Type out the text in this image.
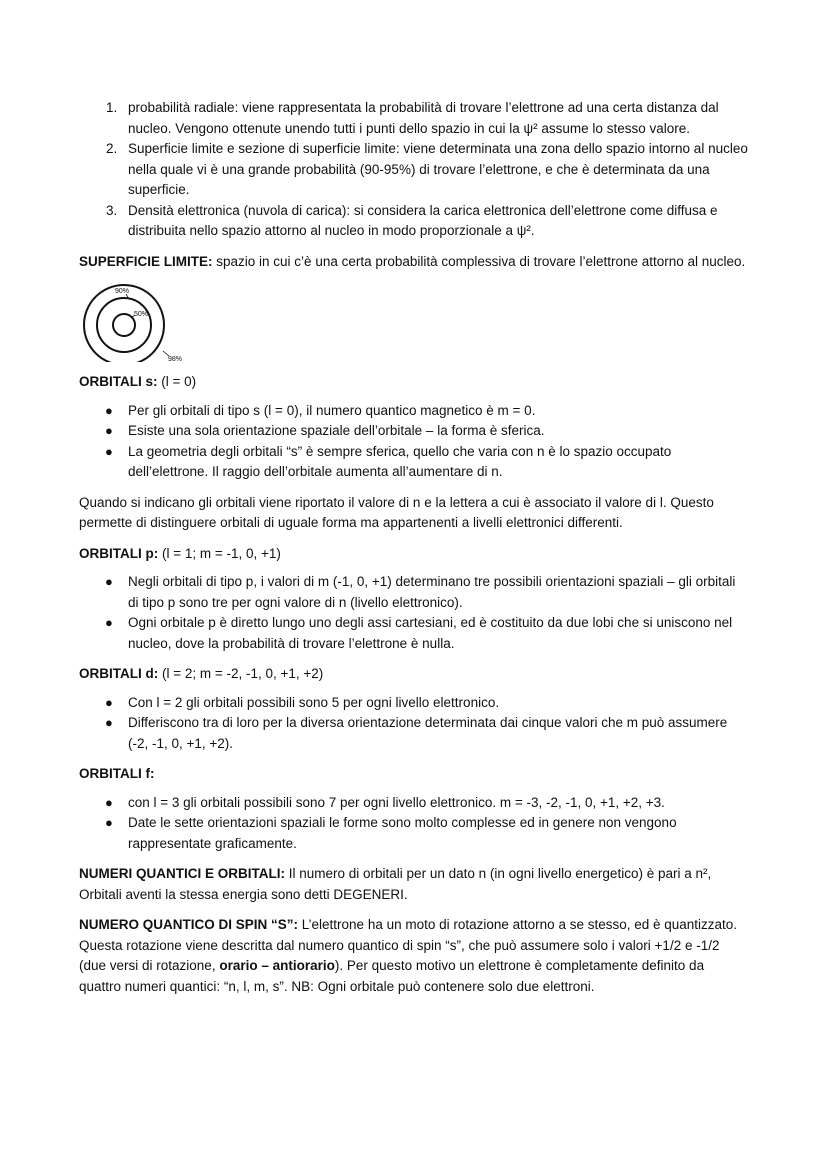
1. probabilità radiale: viene rappresentata la probabilità di trovare l’elettrone ad una certa distanza dal nucleo. Vengono ottenute unendo tutti i punti dello spazio in cui la ψ² assume lo stesso valore.
2. Superficie limite e sezione di superficie limite: viene determinata una zona dello spazio intorno al nucleo nella quale vi è una grande probabilità (90-95%) di trovare l’elettrone, e che è determinata da una superficie.
3. Densità elettronica (nuvola di carica): si considera la carica elettronica dell’elettrone come diffusa e distribuita nello spazio attorno al nucleo in modo proporzionale a ψ².

SUPERFICIE LIMITE: spazio in cui c’è una certa probabilità complessiva di trovare l’elettrone attorno al nucleo.

90%
50%
98%

ORBITALI s: (l = 0)

● Per gli orbitali di tipo s (l = 0), il numero quantico magnetico è m = 0.
● Esiste una sola orientazione spaziale dell’orbitale – la forma è sferica.
● La geometria degli orbitali “s” è sempre sferica, quello che varia con n è lo spazio occupato dell’elettrone. Il raggio dell’orbitale aumenta all’aumentare di n.

Quando si indicano gli orbitali viene riportato il valore di n e la lettera a cui è associato il valore di l. Questo permette di distinguere orbitali di uguale forma ma appartenenti a livelli elettronici differenti.

ORBITALI p: (l = 1; m = -1, 0, +1)

● Negli orbitali di tipo p, i valori di m (-1, 0, +1) determinano tre possibili orientazioni spaziali – gli orbitali di tipo p sono tre per ogni valore di n (livello elettronico).
● Ogni orbitale p è diretto lungo uno degli assi cartesiani, ed è costituito da due lobi che si uniscono nel nucleo, dove la probabilità di trovare l’elettrone è nulla.

ORBITALI d: (l = 2; m = -2, -1, 0, +1, +2)

● Con l = 2 gli orbitali possibili sono 5 per ogni livello elettronico.
● Differiscono tra di loro per la diversa orientazione determinata dai cinque valori che m può assumere (-2, -1, 0, +1, +2).

ORBITALI f:

● con l = 3 gli orbitali possibili sono 7 per ogni livello elettronico. m = -3, -2, -1, 0, +1, +2, +3.
● Date le sette orientazioni spaziali le forme sono molto complesse ed in genere non vengono rappresentate graficamente.

NUMERI QUANTICI E ORBITALI: Il numero di orbitali per un dato n (in ogni livello energetico) è pari a n²,
Orbitali aventi la stessa energia sono detti DEGENERI.

NUMERO QUANTICO DI SPIN “S”: L’elettrone ha un moto di rotazione attorno a se stesso, ed è quantizzato. Questa rotazione viene descritta dal numero quantico di spin “s”, che può assumere solo i valori +1/2 e -1/2 (due versi di rotazione, orario – antiorario). Per questo motivo un elettrone è completamente definito da quattro numeri quantici: “n, l, m, s”. NB: Ogni orbitale può contenere solo due elettroni.
